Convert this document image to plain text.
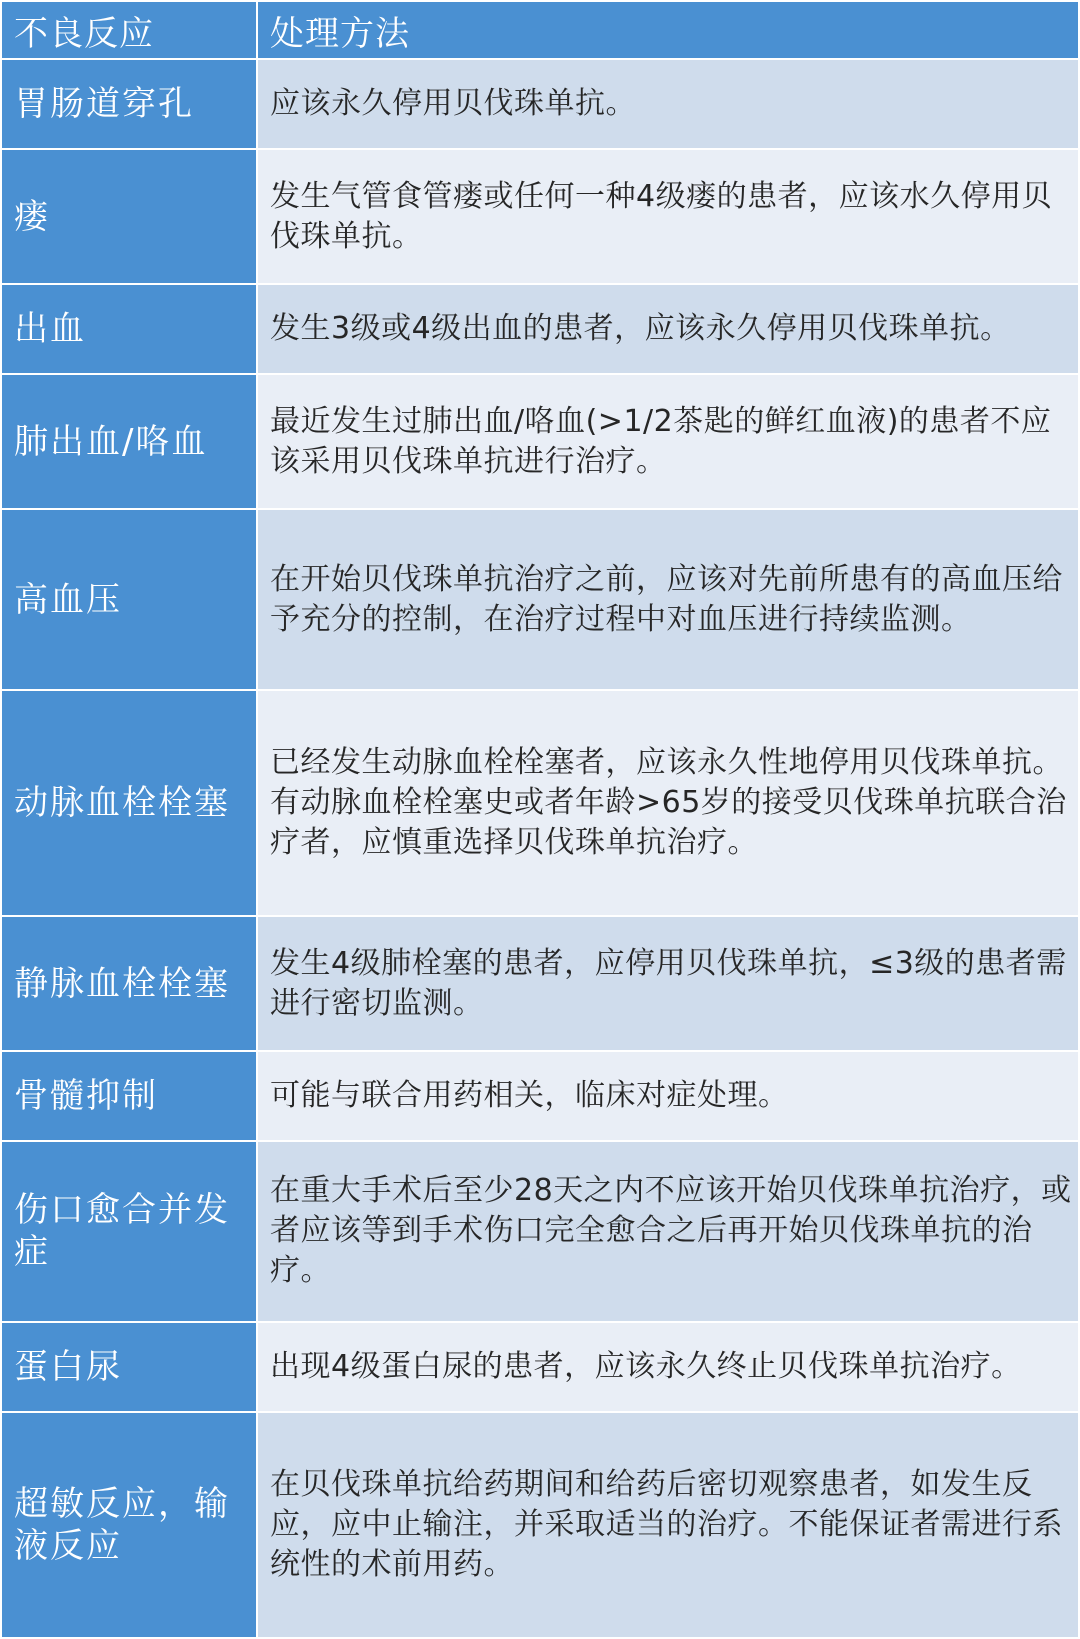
不良反应	处理方法
胃肠道穿孔	应该永久停用贝伐珠单抗。
瘘	发生气管食管瘘或任何一种4级瘘的患者，应该水久停用贝伐珠单抗。
出血	发生3级或4级出血的患者，应该永久停用贝伐珠单抗。
肺出血/咯血	最近发生过肺出血/咯血(>1/2茶匙的鲜红血液)的患者不应该采用贝伐珠单抗进行治疗。
高血压	在开始贝伐珠单抗治疗之前，应该对先前所患有的高血压给予充分的控制，在治疗过程中对血压进行持续监测。
动脉血栓栓塞	已经发生动脉血栓栓塞者，应该永久性地停用贝伐珠单抗。有动脉血栓栓塞史或者年龄>65岁的接受贝伐珠单抗联合治疗者，应慎重选择贝伐珠单抗治疗。
静脉血栓栓塞	发生4级肺栓塞的患者，应停用贝伐珠单抗，≤3级的患者需进行密切监测。
骨髓抑制	可能与联合用药相关，临床对症处理。
伤口愈合并发症	在重大手术后至少28天之内不应该开始贝伐珠单抗治疗，或者应该等到手术伤口完全愈合之后再开始贝伐珠单抗的治疗。
蛋白尿	出现4级蛋白尿的患者，应该永久终止贝伐珠单抗治疗。
超敏反应，输液反应	在贝伐珠单抗给药期间和给药后密切观察患者，如发生反应，应中止输注，并采取适当的治疗。不能保证者需进行系统性的术前用药。
